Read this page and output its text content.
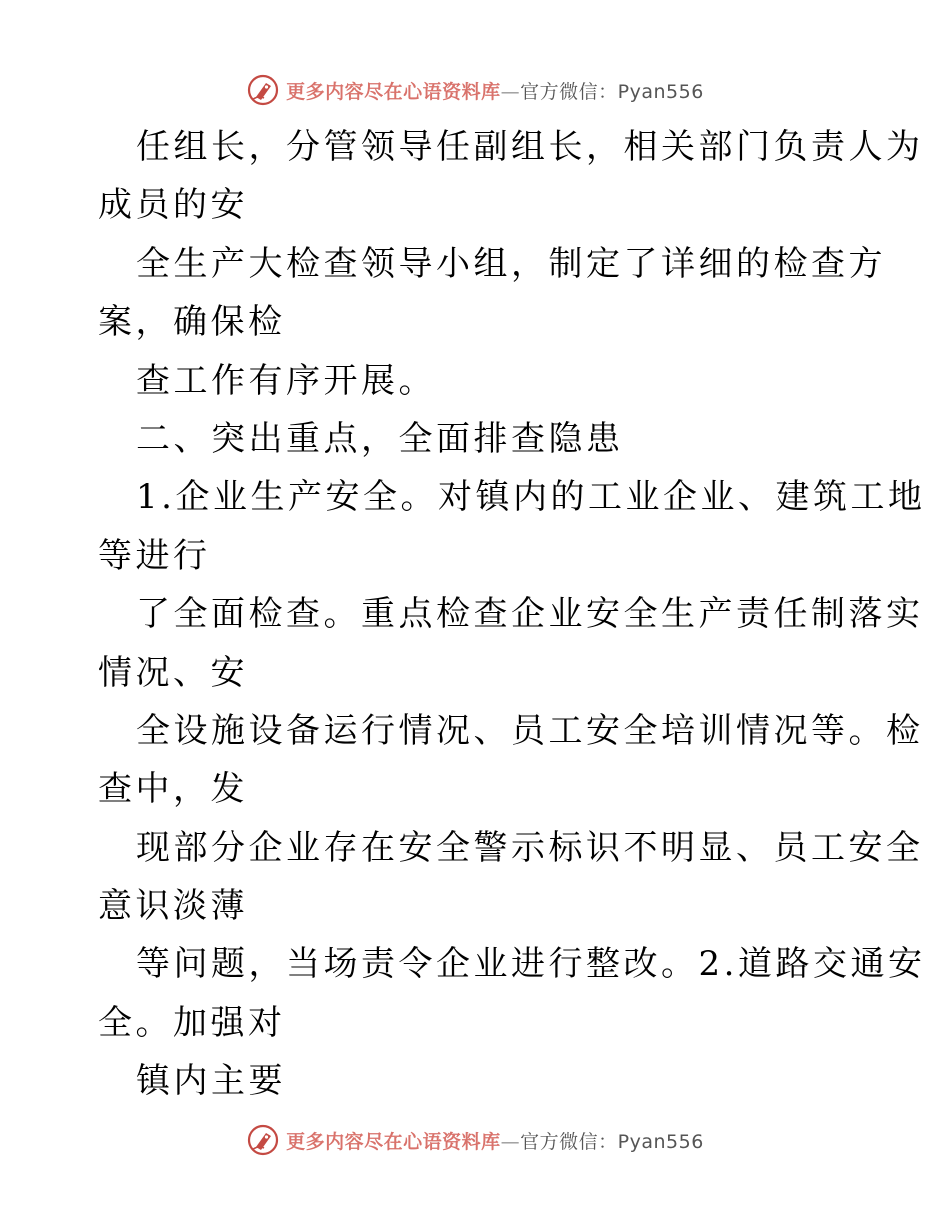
更多内容尽在心语资料库—官方微信：Pyan556
任组长，分管领导任副组长，相关部门负责人为
成员的安
全生产大检查领导小组，制定了详细的检查方
案，确保检
查工作有序开展。
二、突出重点，全面排查隐患
1.企业生产安全。对镇内的工业企业、建筑工地
等进行
了全面检查。重点检查企业安全生产责任制落实
情况、安
全设施设备运行情况、员工安全培训情况等。检
查中，发
现部分企业存在安全警示标识不明显、员工安全
意识淡薄
等问题，当场责令企业进行整改。2.道路交通安
全。加强对
镇内主要
更多内容尽在心语资料库—官方微信：Pyan556
